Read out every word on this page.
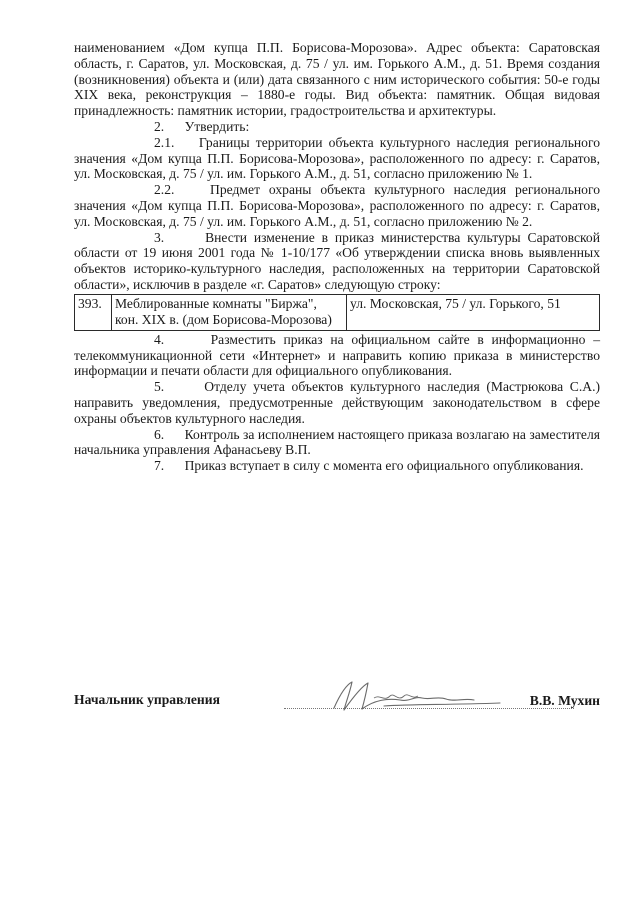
наименованием «Дом купца П.П. Борисова-Морозова». Адрес объекта: Саратовская область, г. Саратов, ул. Московская, д. 75 / ул. им. Горького А.М., д. 51. Время создания (возникновения) объекта и (или) дата связанного с ним исторического события: 50-е годы XIX века, реконструкция – 1880-е годы. Вид объекта: памятник. Общая видовая принадлежность: памятник истории, градостроительства и архитектуры.

2. Утвердить:

2.1. Границы территории объекта культурного наследия регионального значения «Дом купца П.П. Борисова-Морозова», расположенного по адресу: г. Саратов, ул. Московская, д. 75 / ул. им. Горького А.М., д. 51, согласно приложению № 1.

2.2.	Предмет охраны объекта культурного наследия регионального значения «Дом купца П.П. Борисова-Морозова», расположенного по адресу: г. Саратов, ул. Московская, д. 75 / ул. им. Горького А.М., д. 51, согласно приложению № 2.

3.	Внести изменение в приказ министерства культуры Саратовской области от 19 июня 2001 года № 1-10/177 «Об утверждении списка вновь выявленных объектов историко-культурного наследия, расположенных на территории Саратовской области», исключив в разделе «г. Саратов» следующую строку:

393.	Меблированные комнаты "Биржа", кон. XIX в. (дом Борисова-Морозова)	ул. Московская, 75 / ул. Горького, 51

4.	Разместить приказ на официальном сайте в информационно – телекоммуникационной сети «Интернет» и направить копию приказа в министерство информации и печати области для официального опубликования.

5.	Отделу учета объектов культурного наследия (Мастрюкова С.А.) направить уведомления, предусмотренные действующим законодательством в сфере охраны объектов культурного наследия.

6. Контроль за исполнением настоящего приказа возлагаю на заместителя начальника управления Афанасьеву В.П.

7. Приказ вступает в силу с момента его официального опубликования.

Начальник управления	В.В. Мухин
